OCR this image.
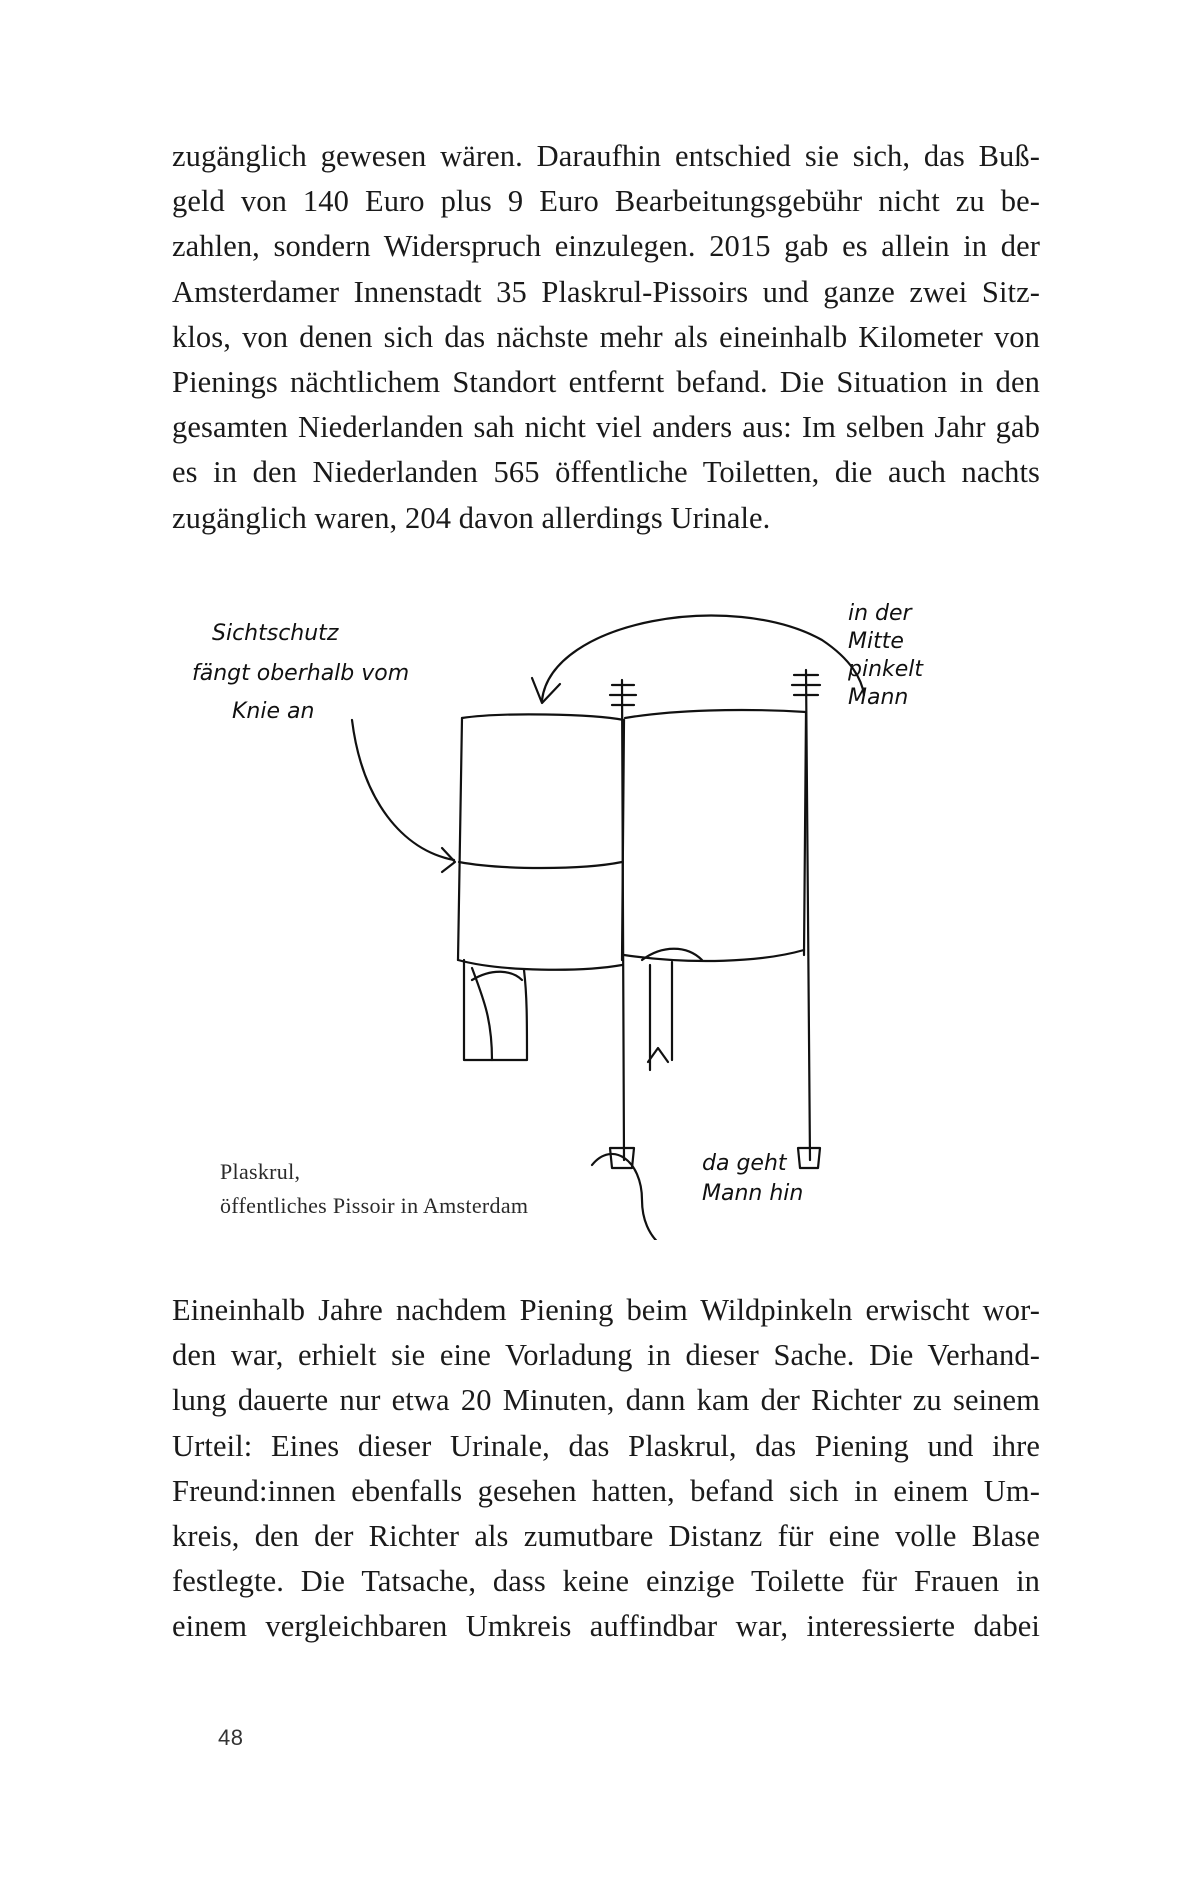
zugänglich gewesen wären. Daraufhin entschied sie sich, das Buß-
geld von 140 Euro plus 9 Euro Bearbeitungsgebühr nicht zu be-
zahlen, sondern Widerspruch einzulegen. 2015 gab es allein in der
Amsterdamer Innenstadt 35 Plaskrul-Pissoirs und ganze zwei Sitz-
klos, von denen sich das nächste mehr als eineinhalb Kilometer von
Pienings nächtlichem Standort entfernt befand. Die Situation in den
gesamten Niederlanden sah nicht viel anders aus: Im selben Jahr gab
es in den Niederlanden 565 öffentliche Toiletten, die auch nachts
zugänglich waren, 204 davon allerdings Urinale.
Sichtschutz
fängt oberhalb vom
Knie an
in der
Mitte
pinkelt
Mann
da geht
Mann hin
Plaskrul,
öffentliches Pissoir in Amsterdam
Eineinhalb Jahre nachdem Piening beim Wildpinkeln erwischt wor-
den war, erhielt sie eine Vorladung in dieser Sache. Die Verhand-
lung dauerte nur etwa 20 Minuten, dann kam der Richter zu seinem
Urteil: Eines dieser Urinale, das Plaskrul, das Piening und ihre
Freund:innen ebenfalls gesehen hatten, befand sich in einem Um-
kreis, den der Richter als zumutbare Distanz für eine volle Blase
festlegte. Die Tatsache, dass keine einzige Toilette für Frauen in
einem vergleichbaren Umkreis auffindbar war, interessierte dabei
48
